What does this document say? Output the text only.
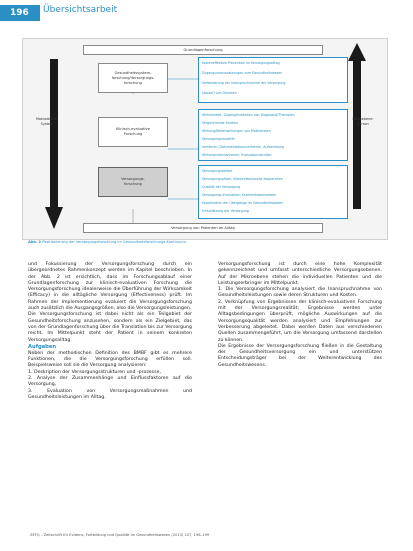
196	Übersichtsarbeit
Grundlagenforschung
Makroebene:
System
Mikroebene:
Person
Gesundheitssystem-
forschung/Versorgungs-
forschung
Klinisch-evaluative
Forschung
Versorgungs-
forschung
Kosteneffektive Prävention im Versorgungsalltag
Zugangsvoraussetzungen zum Gesundheitswesen
Verbesserung der Inanspruchnahme der Versorgung
(Ablauf) von Diensten
Wirksamkeit, Zugang/Indikation von Diagnostik/Therapien
Vergleichende Studien
Wirkung/Nebenwirkungen von Maßnahmen
Versorgungsmodelle
Verfahren, Dokumentationsverfahren, Aufbereitung
Wirkungsmechanismen; Evaluationsstudien
Versorgungsbedarf
Versorgungspfade, interprofessionelle Kooperation
Qualität der Versorgung
Versorgungs-Evaluation; Krankenkassenwesen
Koordination der Übergänge im Gesundheitswesen
Einschätzung der Versorgung
Versorgung von Patienten im Alltag
Abb. 2 Positionierung der Versorgungsforschung im Gesundheitsforschungs-Kontinuum

und Fokussierung der Versorgungsforschung durch ein übergeordnetes Rahmenkonzept werden im Kapitel beschrieben. In der Abb. 2 ist ersichtlich, dass im Forschungsablauf einer Grundlagenforschung zur klinisch-evaluativen Forschung die Versorgungsforschung idealerweise die Überführung der Wirksamkeit (Efficacy) in die alltägliche Versorgung (Effectiveness) prüft. Im Rahmen der Implementierung evaluiert die Versorgungsforschung auch zusätzlich die Ausgangsgrößen, also die Versorgungsleistungen.

Die Versorgungsforschung ist dabei nicht als ein Teilgebiet der Gesundheitsforschung anzusehen, sondern als ein Zielgebiet, das von der Grundlagenforschung über die Translation bis zur Versorgung reicht. Im Mittelpunkt steht der Patient in seinem konkreten Versorgungsalltag.

Aufgaben

Neben der methodischen Definition des BMBF gibt es mehrere Funktionen, die die Versorgungsforschung erfüllen soll. Beispielsweise soll sie die Versorgung analysieren:

1. Deskription der Versorgungsstrukturen und -prozesse,

2. Analyse der Zusammenhänge und Einflussfaktoren auf die Versorgung,

3. Evaluation von Versorgungsmaßnahmen und Gesundheitsleistungen im Alltag.

Versorgungsforschung ist durch eine hohe Komplexität gekennzeichnet und umfasst unterschiedliche Versorgungsebenen. Auf der Mikroebene stehen die individuellen Patienten und die Leistungserbringer im Mittelpunkt.

1. Die Versorgungsforschung analysiert die Inanspruchnahme von Gesundheitsleistungen sowie deren Strukturen und Kosten.

2. Verknüpfung von Ergebnissen der klinisch-evaluativen Forschung mit der Versorgungsrealität; Ergebnisse werden unter Alltagsbedingungen überprüft, mögliche Auswirkungen auf die Versorgungsqualität werden analysiert und Empfehlungen zur Verbesserung abgeleitet. Dabei werden Daten aus verschiedenen Quellen zusammengeführt, um die Versorgung umfassend darstellen zu können.

Die Ergebnisse der Versorgungsforschung fließen in die Gestaltung der Gesundheitsversorgung ein und unterstützen Entscheidungsträger bei der Weiterentwicklung des Gesundheitswesens.

ZEFQ – Zeitschrift für Evidenz, Fortbildung und Qualität im Gesundheitswesen (2013) 107, 196–199
